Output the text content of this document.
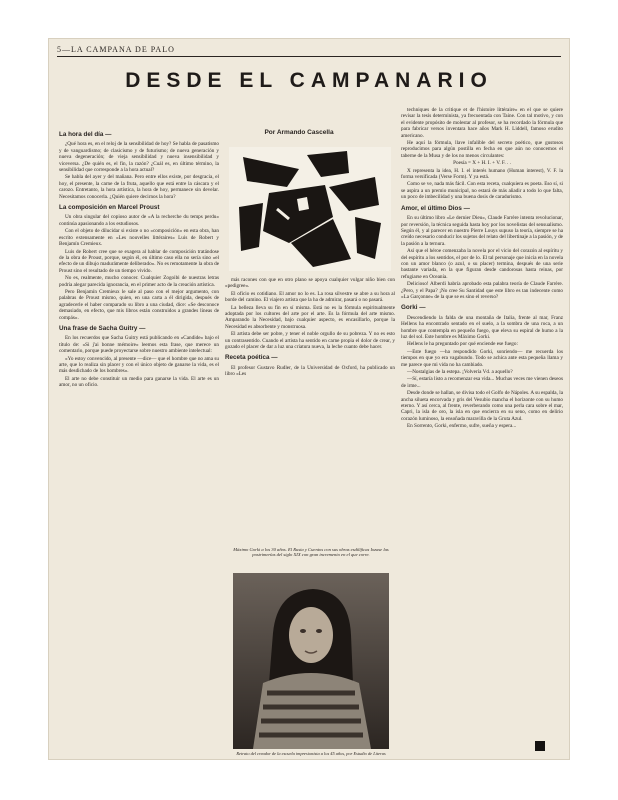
5—LA CAMPANA DE PALO
DESDE EL CAMPANARIO
Por Armando Cascella
La hora del día —

¿Qué hora es, en el reloj de la sensibilidad de hoy? Se habla de pasatismo y de vanguardismo; de clasicismo y de futurismo; de nueva generación y nueva degeneración; de vieja sensibilidad y nueva insensibilidad y viceversa. ¿De quién es, el fin, la razón? ¿Cuál es, en último término, la sensibilidad que corresponde a la hora actual?

Se habla del ayer y del mañana. Pero entre ellos existe, por desgracia, el hoy, el presente, la carne de la fruta, aquello que está entre la cáscara y el carozo. Entretanto, la hora artística, la hora de hoy, permanece sin develar. Necesitamos conocerla. ¿Quién quiere decirnos la hora?

La composición en Marcel Proust

Un obra singular del copioso autor de «A la recherche du temps perdu» continúa apasionando a los estudiosos.

Con el objeto de dilucidar si existe o no «composición» en esta obra, han escrito extensamente en «Les nouvelles littéraires» Luis de Robert y Benjamín Cremieux.

Luis de Robert cree que se exagera al hablar de composición tratándose de la obra de Proust, porque, según él, en último caso ella no sería sino «el efecto de un dibujo madurámente deliberado». No es remotamente la obra de Proust sino el resultado de un tiempo vivido.

No es, realmente, mucho conocer. Cualquier Zogoibi de nuestras letras podría alegar parecida ignorancia, en el primer acto de la creación artística.

Pero Benjamín Cremieux le sale al paso con el mejor argumento, con palabras de Proust mismo, quien, en una carta a él dirigida, después de agradecerle el haber comparado su libro a una ciudad, dice: «Se desconoce demasiado, en efecto, que mis libros están construidos a grandes líneas de compás».

Una frase de Sacha Guitry —

En los recuerdos que Sacha Guitry está publicando en «Candide» bajo el título de: «Si j'ai bonne mémoire» leemos esta frase, que merece un comentario, porque puede proyectarse sobre nuestro ambiente intelectual:

«Yo estoy convencido, al presente —dice— que el hombre que no ama su arte, que lo realiza sin placer y con el único objeto de ganarse la vida, es el más desdichado de los hombres».

El arte no debe constituir un medio para ganarse la vida. El arte es un amor, no un oficio.

más racones con que en otro plano se apoya cualquier vulgar niño bien con «pedigree».

El oficio es cotidiano. El amor no lo es. La rosa silvestre se abre a su hora al borde del camino. El viajero artista que la ha de admirar, pasará o no pasará.

La belleza lleva su fin en sí misma. Está no es la fórmula espiritualmente adoptada por los cultores del arte por el arte. Es la fórmula del arte mismo. Amparando la Necesidad, bajo cualquier aspecto, es encasillarlo, porque la Necesidad es absorbente y monstruosa.

El artista debe ser pobre, y tener el noble orgullo de su pobreza. Y no es esto un contrasentido. Cuando el artista ha sentido en carne propia el dolor de crear, y gozado el placer de dar a luz una criatura nueva, la leche cuanto debe hacer.

Receta poética —

El profesor Gustavo Rudler, de la Universidad de Oxford, ha publicado un libro «Les

Máximo Gorki a los 30 años. El Rusia y Cuentos con sus obras esdilíficas Iozase las postrimerías del siglo XIX con gran incremento en el que corre.
Retrato del creador de la escuela impresionista a los 45 años, por Estudio de Literas

techniques de la critique et de l'histoire littéraire» en el que se quiere revisar la tesis determinista, ya frecuentada con Taine. Con tal motivo, y con el evidente propósito de molestar al profesor, se ha recordado la fórmula que para fabricar versos inventara hace años Mark H. Liddell, famoso erudito americano.

He aquí la fórmula, llave infalible del secreto poético, que gustosos reproducimos para algún postilla en fecha en que aún no conocemos el taberne de la Musa y de los no menos circulantes:

Poesía = X + H. I. + V. F. . .

X representa la idea, H. I. el interés humano (Human interest), V. F. la forma versificada (Verse Form). Y ya está.

Como se ve, nada más fácil. Con esta receta, cualquiera es poeta. Eso sí, si se aspira a un premio municipal, no estará de más añadir a todo lo que falta, un poco de imbecilidad y una buena dosis de caradurismo.

Amor, el último Dios —

En su último libro «Le dernier Dieu», Claude Farrère intenta revolucionar, por reversión, la técnica seguida hasta hoy por los novelistas del sensualismo. Según él, y al parecer en nuestro Pierre Louys supuso la teoría, siempre se ha creído necesario conducir los sujetos del relato del libertinaje a la pasión, y de la pasión a la ternura.

Así que el héroe comenzaba la novela por el vicio del corazón al espíritu y del espíritu a los sentidos, el por de lo. El tal personaje que inicia en la novela con un amor blanco (o azul, o su placer) termina, después de una serie bastante variada, en la que figuran desde candorosas hasta reinas, por refugiarse en Oceanía.

Delicioso! Alberdi habría aprobado esta palabra teoría de Claude Farrère. ¿Pero, y el Papa? ¡No cree Su Santidad que este libro es tan indecente como «La Garçonne» de la que se es sino el reverso?

Gorki —

Descendiendo la falda de una montaña de Italia, frente al mar, Franz Hellens ha encontrado sentado en el suelo, a la sombra de una roca, a un hombre que contempla en pequeño fuego, que eleva su espiral de humo a la luz del sol. Este hombre es Máximo Gorki.

Hellens le ha preguntado por qué enciende ese fuego:

—Este fuego —ha respondido Gorki, sonriendo— me recuerda los tiempos en que yo era vagabundo. Todo se achica ante esta pequeña llama y me parece que mi vida no ha cambiado.

—Nostalgias de la estepa. ¡Volvería Vd. a aquello?

—Sí, estaría listo a recomenzar esa vida... Muchas veces me vienen deseos de irme...

Desde donde se hallan, se divisa todo el Golfo de Nápoles. A su espalda, la ancha silueta encorvada y gris del Vesubio mancha el horizonte con su humo eterno. Y así cerca, al frente, reverberando como una perla cara sobre el mar, Capri, la isla de oro, la isla en que encierra en su seno, como en delirio corazón luminoso, la ensoñada maravilla de la Gruta Azul.

En Sorrento, Gorki, enfermo, sufre, sueña y espera...
